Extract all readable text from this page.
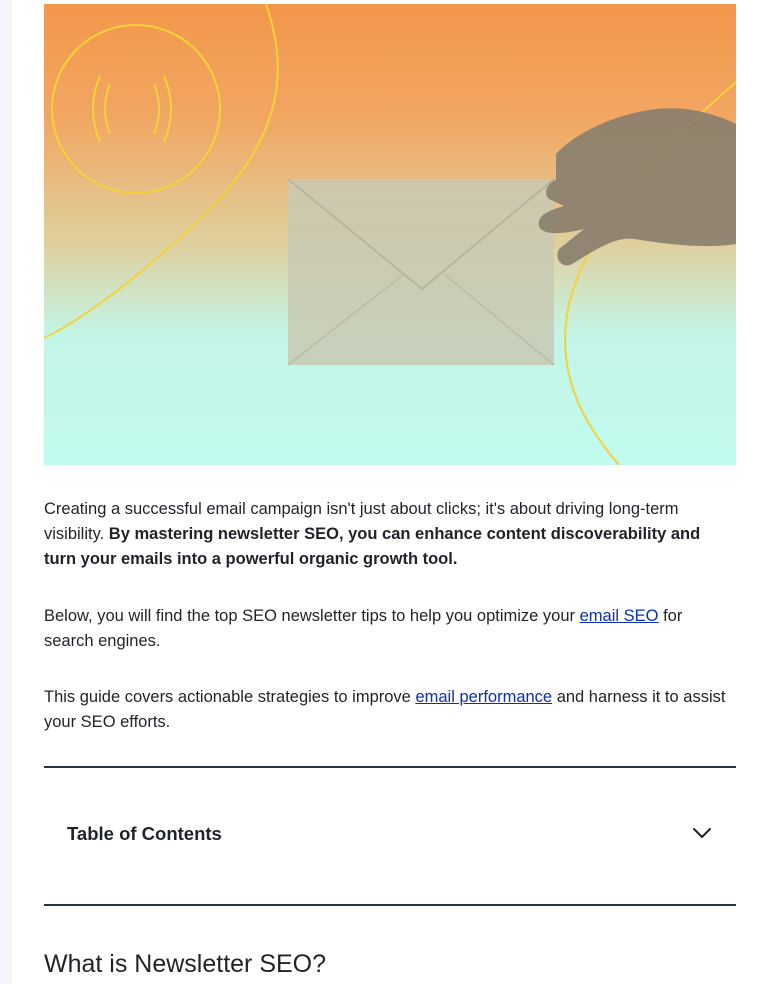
Creating a successful email campaign isn't just about clicks; it's about driving long-term visibility. By mastering newsletter SEO, you can enhance content discoverability and turn your emails into a powerful organic growth tool.

Below, you will find the top SEO newsletter tips to help you optimize your email SEO for search engines.

This guide covers actionable strategies to improve email performance and harness it to assist your SEO efforts.

Table of Contents
What is Newsletter SEO?
